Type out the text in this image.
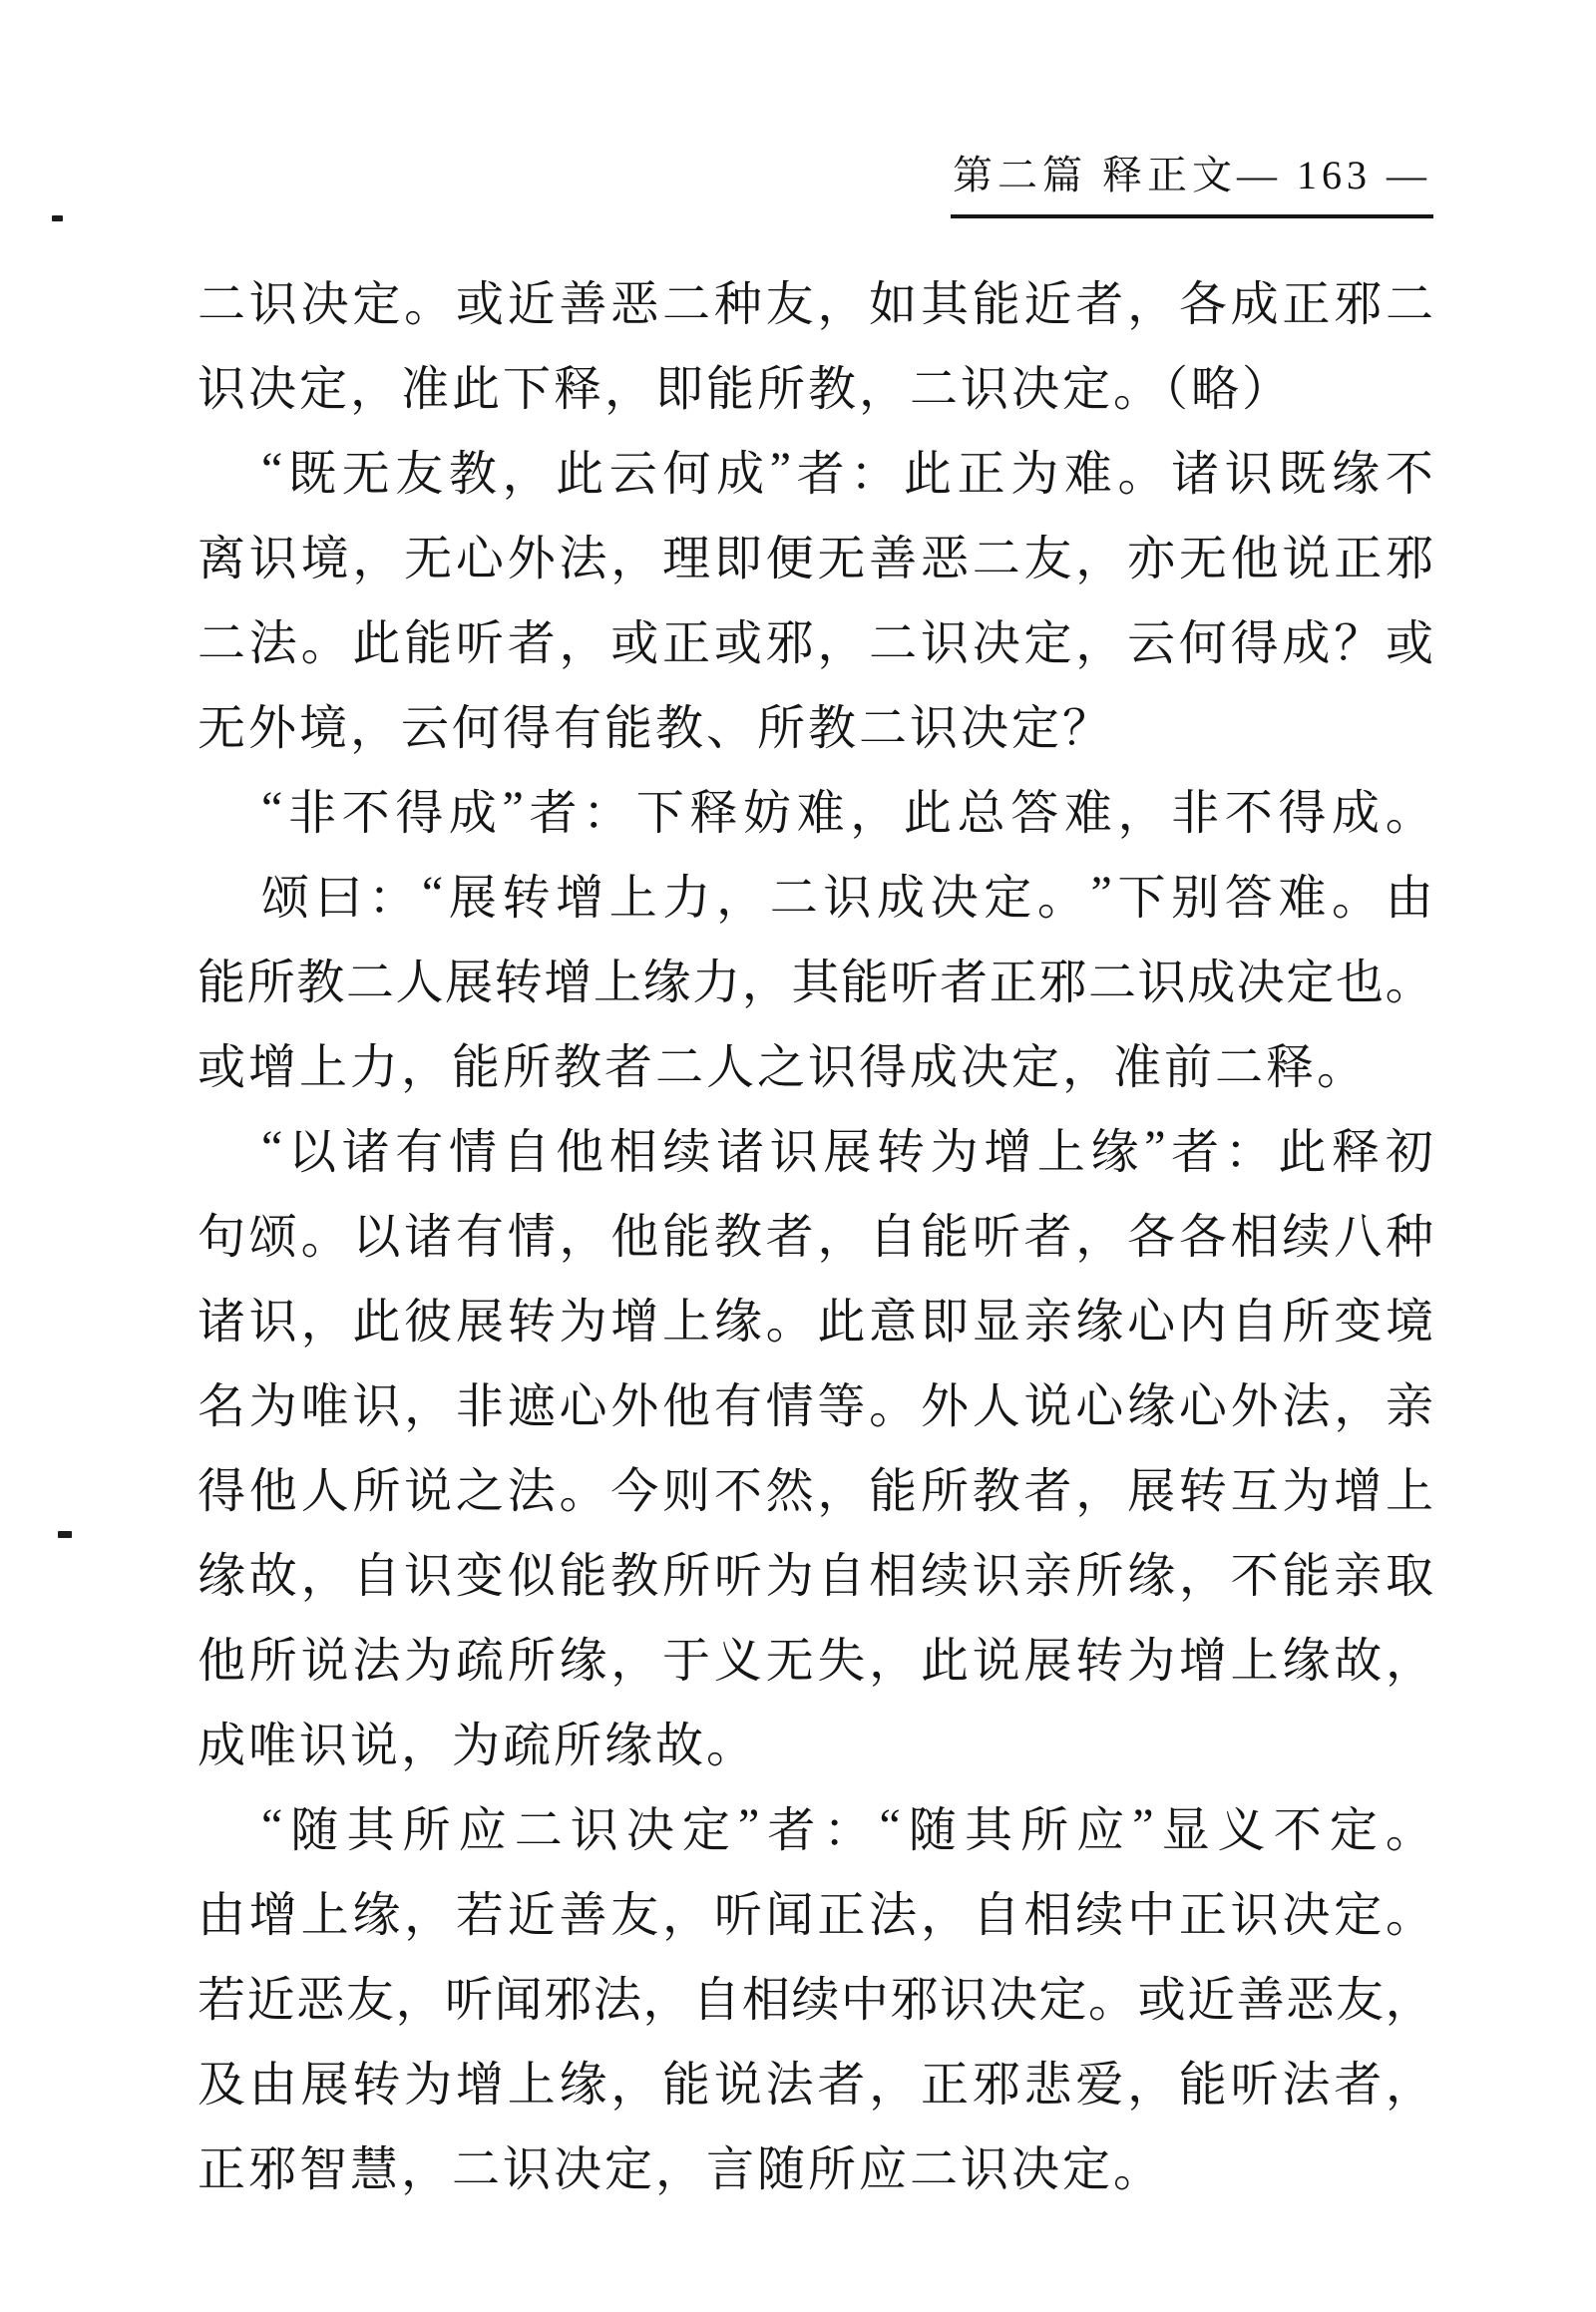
第二篇 释正文— 163 —
二 识 决 定 。 或 近 善 恶 二 种 友 ， 如 其 能 近 者 ， 各 成 正 邪 二
识决定，准此下释，即能所教，二识决定。（略）
“ 既 无 友 教 ， 此 云 何 成 ” 者 ： 此 正 为 难 。 诸 识 既 缘 不
离 识 境 ， 无 心 外 法 ， 理 即 便 无 善 恶 二 友 ， 亦 无 他 说 正 邪
二 法 。 此 能 听 者 ， 或 正 或 邪 ， 二 识 决 定 ， 云 何 得 成 ？ 或
无外境，云何得有能教、所教二识决定？
“ 非 不 得 成 ” 者 ： 下 释 妨 难 ， 此 总 答 难 ， 非 不 得 成 。
颂 曰 ： “ 展 转 增 上 力 ， 二 识 成 决 定 。 ” 下 别 答 难 。 由
能 所 教 二 人 展 转 增 上 缘 力 ， 其 能 听 者 正 邪 二 识 成 决 定 也 。
或增上力，能所教者二人之识得成决定，准前二释。
“ 以 诸 有 情 自 他 相 续 诸 识 展 转 为 增 上 缘 ” 者 ： 此 释 初
句 颂 。 以 诸 有 情 ， 他 能 教 者 ， 自 能 听 者 ， 各 各 相 续 八 种
诸 识 ， 此 彼 展 转 为 增 上 缘 。 此 意 即 显 亲 缘 心 内 自 所 变 境
名 为 唯 识 ， 非 遮 心 外 他 有 情 等 。 外 人 说 心 缘 心 外 法 ， 亲
得 他 人 所 说 之 法 。 今 则 不 然 ， 能 所 教 者 ， 展 转 互 为 增 上
缘 故 ， 自 识 变 似 能 教 所 听 为 自 相 续 识 亲 所 缘 ， 不 能 亲 取
他 所 说 法 为 疏 所 缘 ， 于 义 无 失 ， 此 说 展 转 为 增 上 缘 故 ，
成唯识说，为疏所缘故。
“ 随 其 所 应 二 识 决 定 ” 者 ： “ 随 其 所 应 ” 显 义 不 定 。
由 增 上 缘 ， 若 近 善 友 ， 听 闻 正 法 ， 自 相 续 中 正 识 决 定 。
若 近 恶 友 ， 听 闻 邪 法 ， 自 相 续 中 邪 识 决 定 。 或 近 善 恶 友 ，
及 由 展 转 为 增 上 缘 ， 能 说 法 者 ， 正 邪 悲 爱 ， 能 听 法 者 ，
正邪智慧，二识决定，言随所应二识决定。
